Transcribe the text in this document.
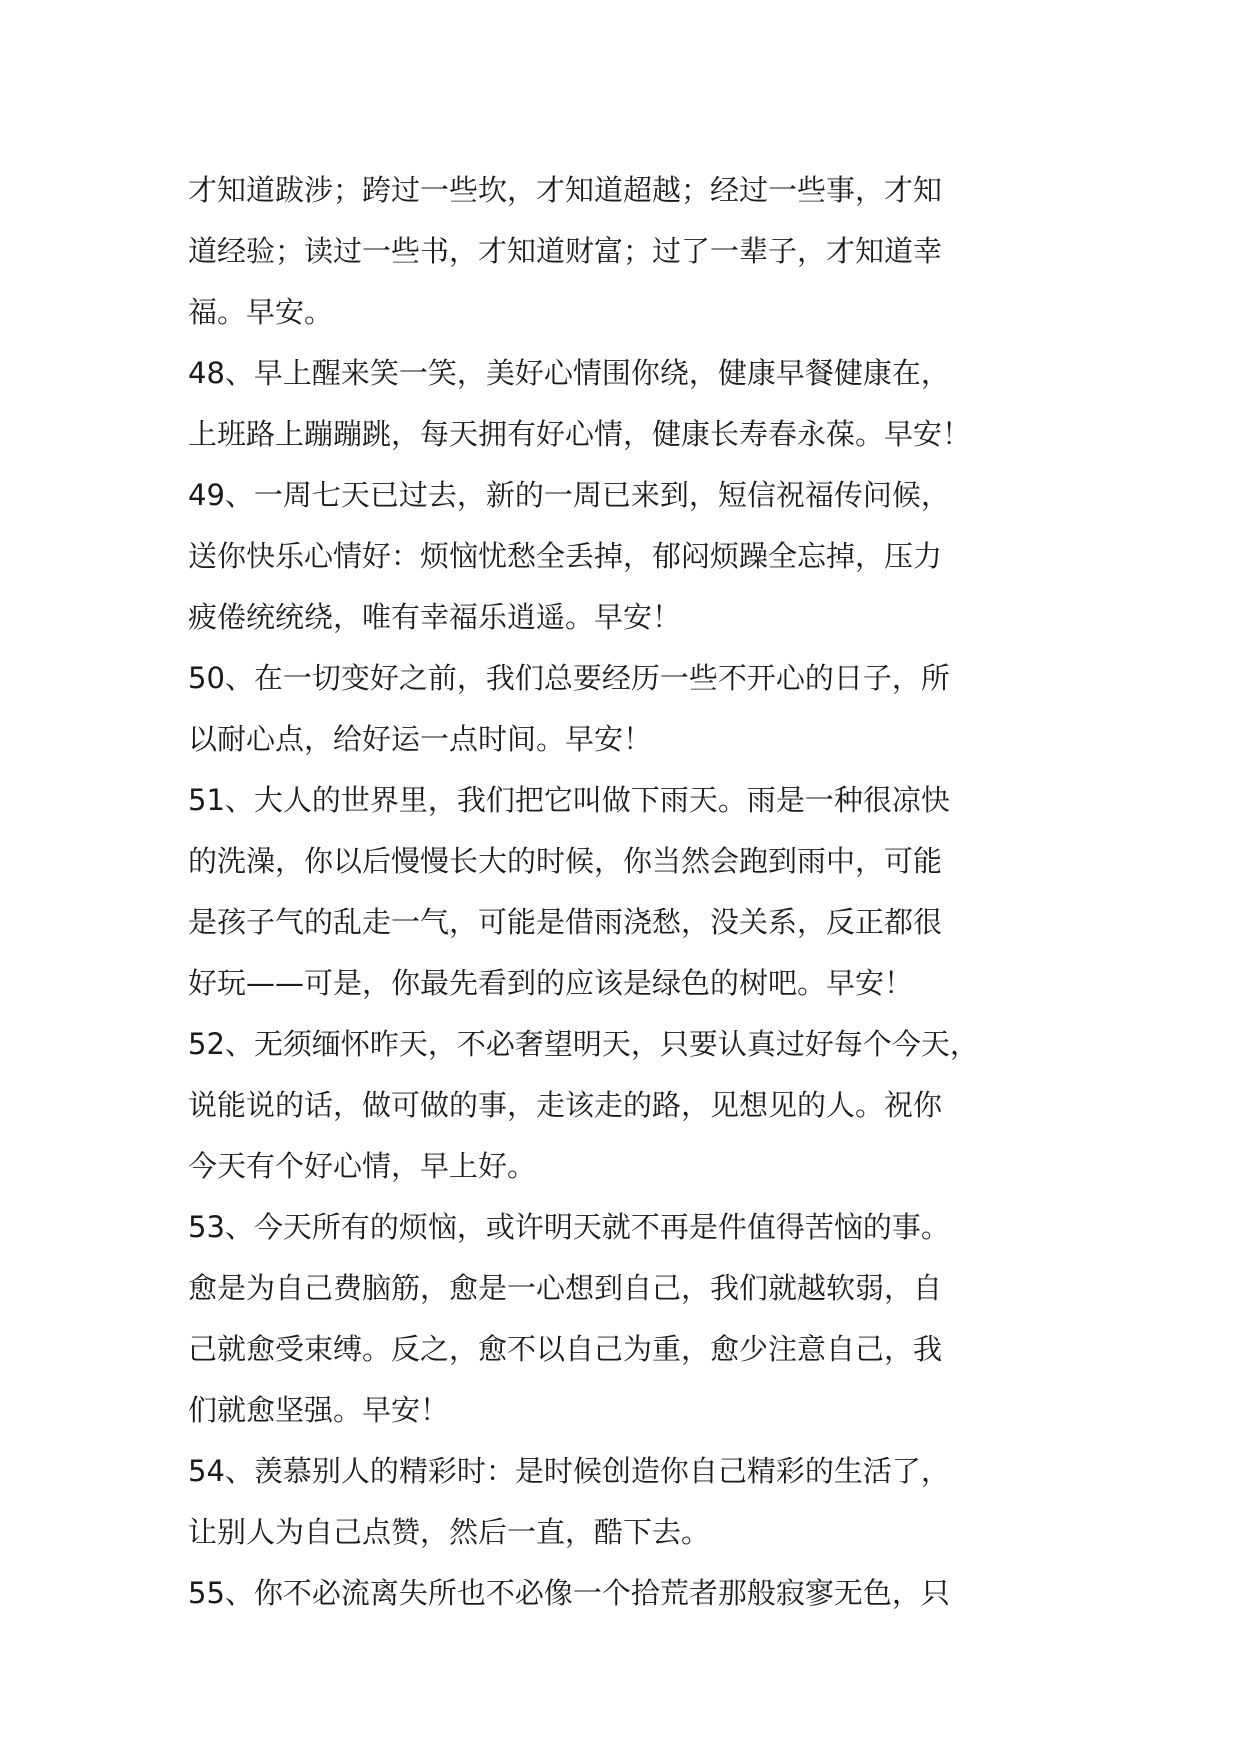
才知道跋涉；跨过一些坎，才知道超越；经过一些事，才知
道经验；读过一些书，才知道财富；过了一辈子，才知道幸
福。早安。
48、早上醒来笑一笑，美好心情围你绕，健康早餐健康在，
上班路上蹦蹦跳，每天拥有好心情，健康长寿春永葆。早安！
49、一周七天已过去，新的一周已来到，短信祝福传问候，
送你快乐心情好：烦恼忧愁全丢掉，郁闷烦躁全忘掉，压力
疲倦统统绕，唯有幸福乐逍遥。早安！
50、在一切变好之前，我们总要经历一些不开心的日子，所
以耐心点，给好运一点时间。早安！
51、大人的世界里，我们把它叫做下雨天。雨是一种很凉快
的洗澡，你以后慢慢长大的时候，你当然会跑到雨中，可能
是孩子气的乱走一气，可能是借雨浇愁，没关系，反正都很
好玩——可是，你最先看到的应该是绿色的树吧。早安！
52、无须缅怀昨天，不必奢望明天，只要认真过好每个今天，
说能说的话，做可做的事，走该走的路，见想见的人。祝你
今天有个好心情，早上好。
53、今天所有的烦恼，或许明天就不再是件值得苦恼的事。
愈是为自己费脑筋，愈是一心想到自己，我们就越软弱，自
己就愈受束缚。反之，愈不以自己为重，愈少注意自己，我
们就愈坚强。早安！
54、羡慕别人的精彩时：是时候创造你自己精彩的生活了，
让别人为自己点赞，然后一直，酷下去。
55、你不必流离失所也不必像一个拾荒者那般寂寥无色，只
